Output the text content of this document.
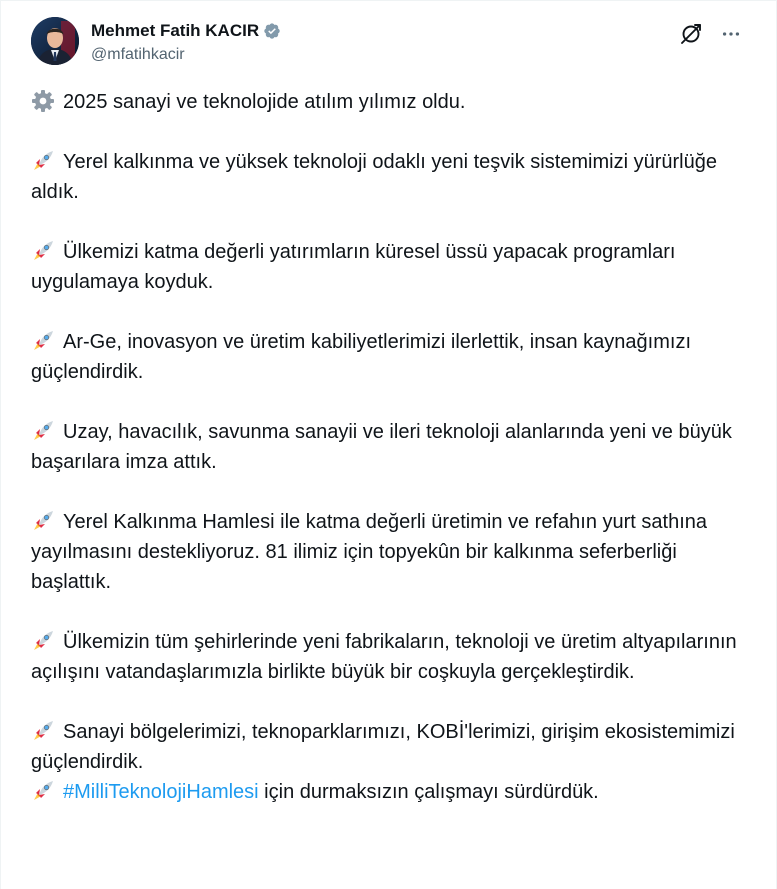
Mehmet Fatih KACIR
@mfatihkacir

2025 sanayi ve teknolojide atılım yılımız oldu.

Yerel kalkınma ve yüksek teknoloji odaklı yeni teşvik sistemimizi yürürlüğe aldık.

Ülkemizi katma değerli yatırımların küresel üssü yapacak programları uygulamaya koyduk.

Ar-Ge, inovasyon ve üretim kabiliyetlerimizi ilerlettik, insan kaynağımızı güçlendirdik.

Uzay, havacılık, savunma sanayii ve ileri teknoloji alanlarında yeni ve büyük başarılara imza attık.

Yerel Kalkınma Hamlesi ile katma değerli üretimin ve refahın yurt sathına yayılmasını destekliyoruz. 81 ilimiz için topyekûn bir kalkınma seferberliği başlattık.

Ülkemizin tüm şehirlerinde yeni fabrikaların, teknoloji ve üretim altyapılarının açılışını vatandaşlarımızla birlikte büyük bir coşkuyla gerçekleştirdik.

Sanayi bölgelerimizi, teknoparklarımızı, KOBİ'lerimizi, girişim ekosistemimizi güçlendirdik.

#MilliTeknolojiHamlesi için durmaksızın çalışmayı sürdürdük.
